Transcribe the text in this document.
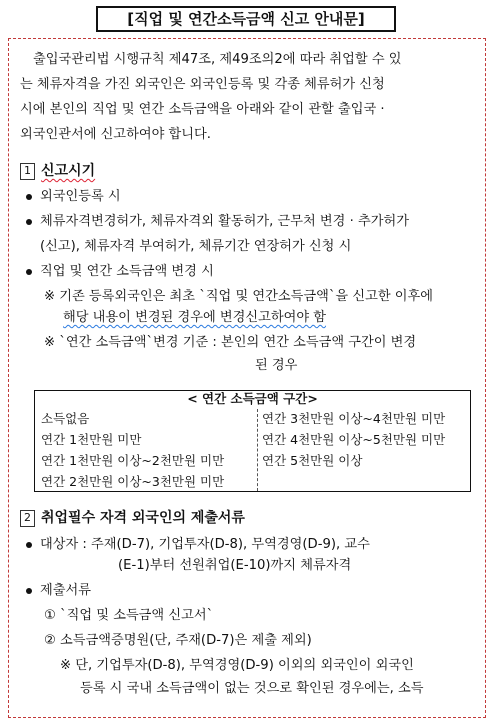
[직업 및 연간소득금액 신고 안내문]
출입국관리법 시행규칙 제47조, 제49조의2에 따라 취업할 수 있
는 체류자격을 가진 외국인은 외국인등록 및 각종 체류허가 신청
시에 본인의 직업 및 연간 소득금액을 아래와 같이 관할 출입국 ·
외국인관서에 신고하여야 합니다.
1 신고시기
외국인등록 시
체류자격변경허가, 체류자격외 활동허가, 근무처 변경 · 추가허가
(신고), 체류자격 부여허가, 체류기간 연장허가 신청 시
직업 및 연간 소득금액 변경 시
※ 기존 등록외국인은 최초 `직업 및 연간소득금액`을 신고한 이후에
해당 내용이 변경된 경우에 변경신고하여야 함
※ `연간 소득금액`변경 기준 : 본인의 연간 소득금액 구간이 변경
된 경우
< 연간 소득금액 구간>
소득없음
연간 1천만원 미만
연간 1천만원 이상~2천만원 미만
연간 2천만원 이상~3천만원 미만
연간 3천만원 이상~4천만원 미만
연간 4천만원 이상~5천만원 미만
연간 5천만원 이상
2 취업필수 자격 외국인의 제출서류
대상자 : 주재(D-7), 기업투자(D-8), 무역경영(D-9), 교수
(E-1)부터 선원취업(E-10)까지 체류자격
제출서류
① `직업 및 소득금액 신고서`
② 소득금액증명원(단, 주재(D-7)은 제출 제외)
※ 단, 기업투자(D-8), 무역경영(D-9) 이외의 외국인이 외국인
등록 시 국내 소득금액이 없는 것으로 확인된 경우에는, 소득
